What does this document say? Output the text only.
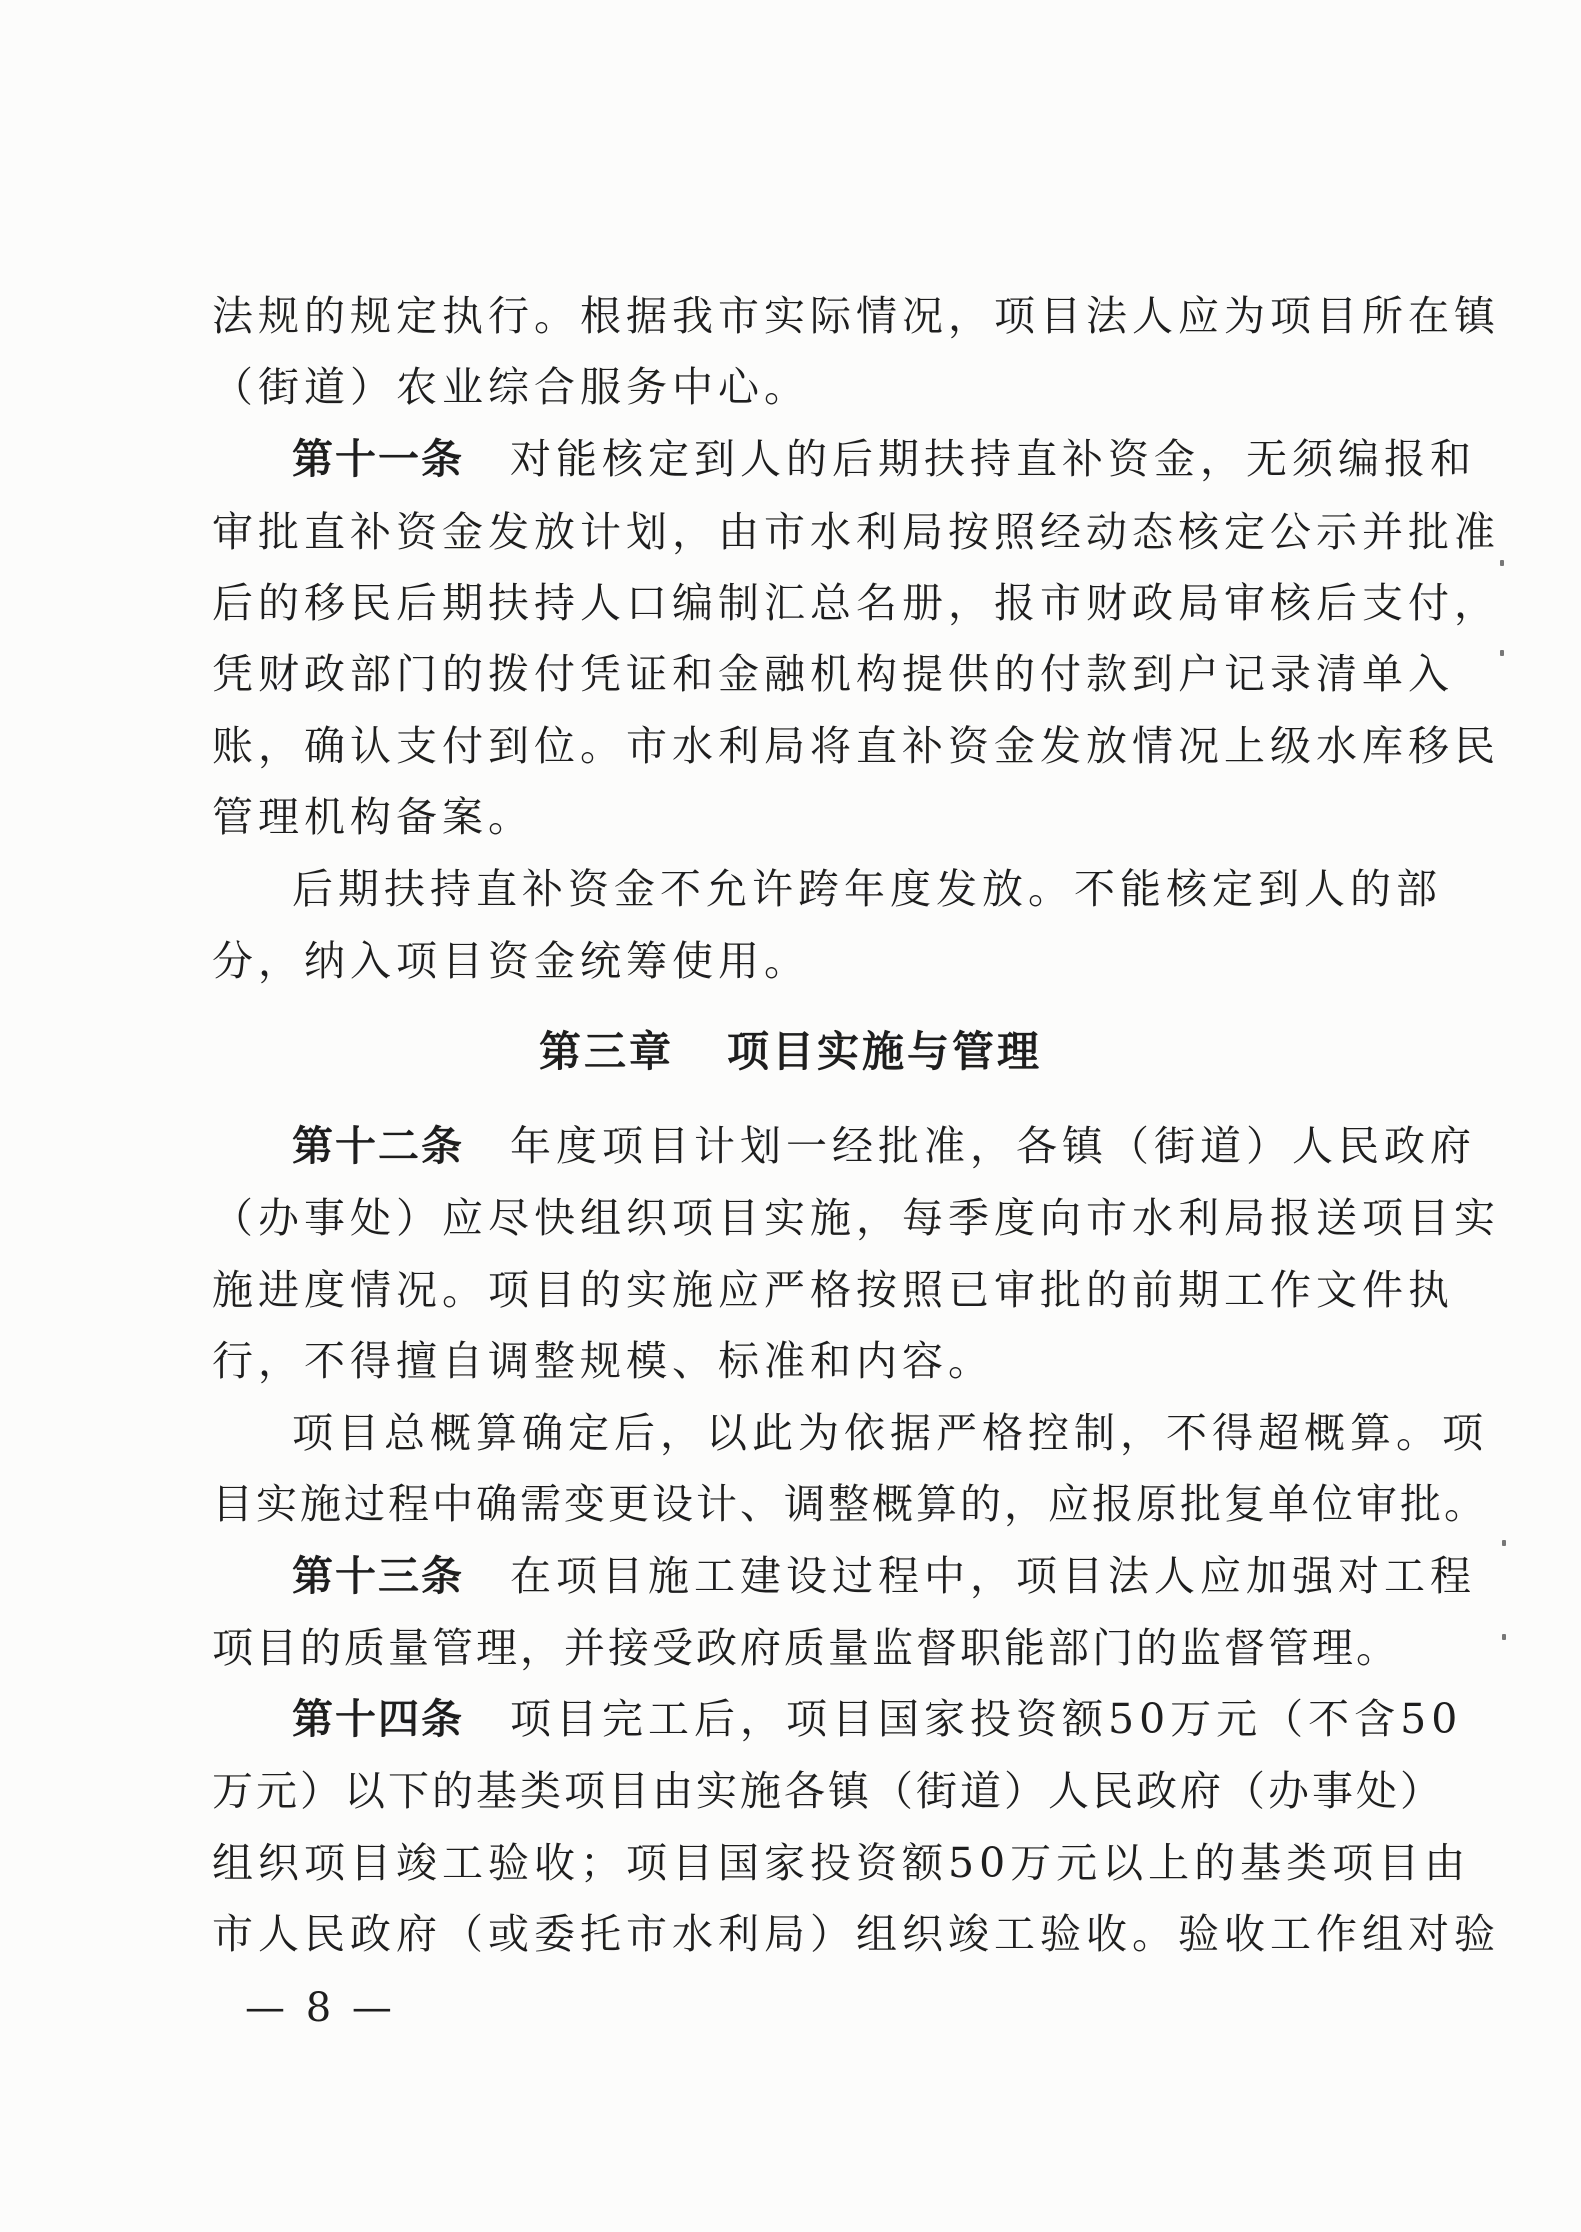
法规的规定执行。根据我市实际情况，项目法人应为项目所在镇
（街道）农业综合服务中心。
第十一条 对能核定到人的后期扶持直补资金，无须编报和
审批直补资金发放计划，由市水利局按照经动态核定公示并批准
后的移民后期扶持人口编制汇总名册，报市财政局审核后支付，
凭财政部门的拨付凭证和金融机构提供的付款到户记录清单入
账，确认支付到位。市水利局将直补资金发放情况上级水库移民
管理机构备案。
后期扶持直补资金不允许跨年度发放。不能核定到人的部
分，纳入项目资金统筹使用。
第三章 项目实施与管理
第十二条 年度项目计划一经批准，各镇（街道）人民政府
（办事处）应尽快组织项目实施，每季度向市水利局报送项目实
施进度情况。项目的实施应严格按照已审批的前期工作文件执
行，不得擅自调整规模、标准和内容。
项目总概算确定后，以此为依据严格控制，不得超概算。项
目实施过程中确需变更设计、调整概算的，应报原批复单位审批。
第十三条 在项目施工建设过程中，项目法人应加强对工程
项目的质量管理，并接受政府质量监督职能部门的监督管理。
第十四条 项目完工后，项目国家投资额50万元（不含50
万元）以下的基类项目由实施各镇（街道）人民政府（办事处）
组织项目竣工验收；项目国家投资额50万元以上的基类项目由
市人民政府（或委托市水利局）组织竣工验收。验收工作组对验
— 8 —
